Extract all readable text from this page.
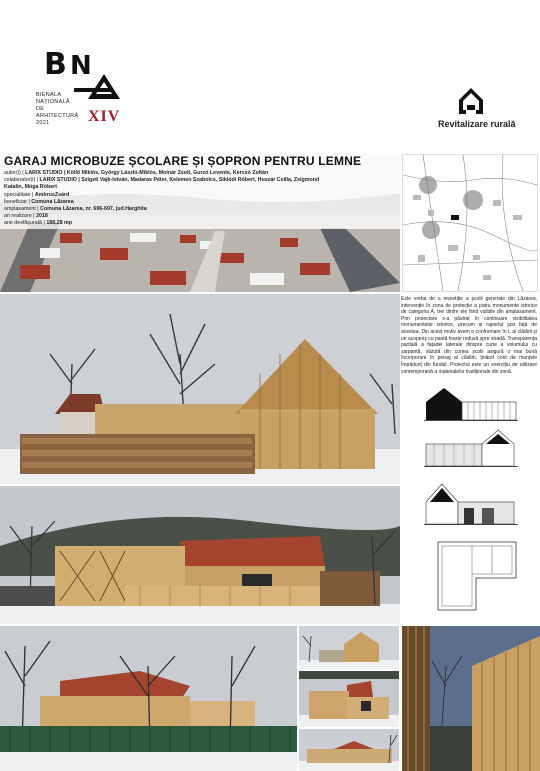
B N
BIENALA
NAȚIONALĂ
DE
ARHITECTURĂ
2021	XIV	Revitalizare rurală
GARAJ MICROBUZE ȘCOLARE ȘI ȘOPRON PENTRU LEMNE
autor(i) | LARIX STUDIO | Köllő Miklós, György László-Miklós, Molnár Zsolt, Gurzó Levente, Kercsó Zoltán
colaborator(i) | LARIX STUDIO | Szigeti Vajk-István, Madaras Péter, Kelemen Szabolcs, Siklódi Róbert, Huszár Csilla, Zsigmond Katalin, Móga Róbert
specialitate | AmbrusZsárd
beneficiar | Comuna Lăzarea
amplasament | Comuna Lăzarea, nr. 696-697, jud.Harghita
an realizare | 2018
arie desfășurată | 188,28 mp
Este vorba de o investiție a școlii generale din Lăzarea, intervenție în zona de protecție a patru monumente istorice de categoria A, trei dintre ele fiind vizibile din amplasament. Prin proiectare s-a păstrat în continuare vizibilitatea monumentelor istorice, precum și raportul just față de acestea. Din acest motiv avem o conformare în L al clădirii și un acoperiș cu pantă foarte redusă spre stradă. Transparența parțială a fațadei laterale dinspre curte a volumului cu șarpantă, văzută din curtea școlii asigură o mai bună încorporare în peisaj al clădirii, ținând cont de munțele Împăduriț din fundal. Proiectul este un exercițiu de utilizare contemporană a materialelor tradiționale din zonă.
